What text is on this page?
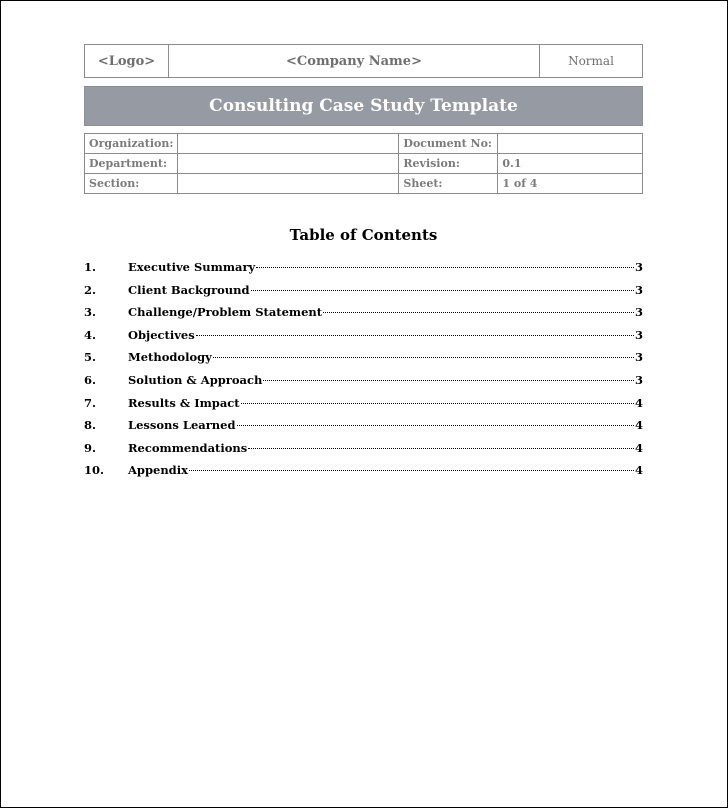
<Logo>	<Company Name>	Normal
Consulting Case Study Template
Organization:		Document No:	
Department:		Revision:	0.1
Section:		Sheet:	1 of 4
Table of Contents
1.	Executive Summary	3
2.	Client Background	3
3.	Challenge/Problem Statement	3
4.	Objectives	3
5.	Methodology	3
6.	Solution & Approach	3
7.	Results & Impact	4
8.	Lessons Learned	4
9.	Recommendations	4
10.	Appendix	4
